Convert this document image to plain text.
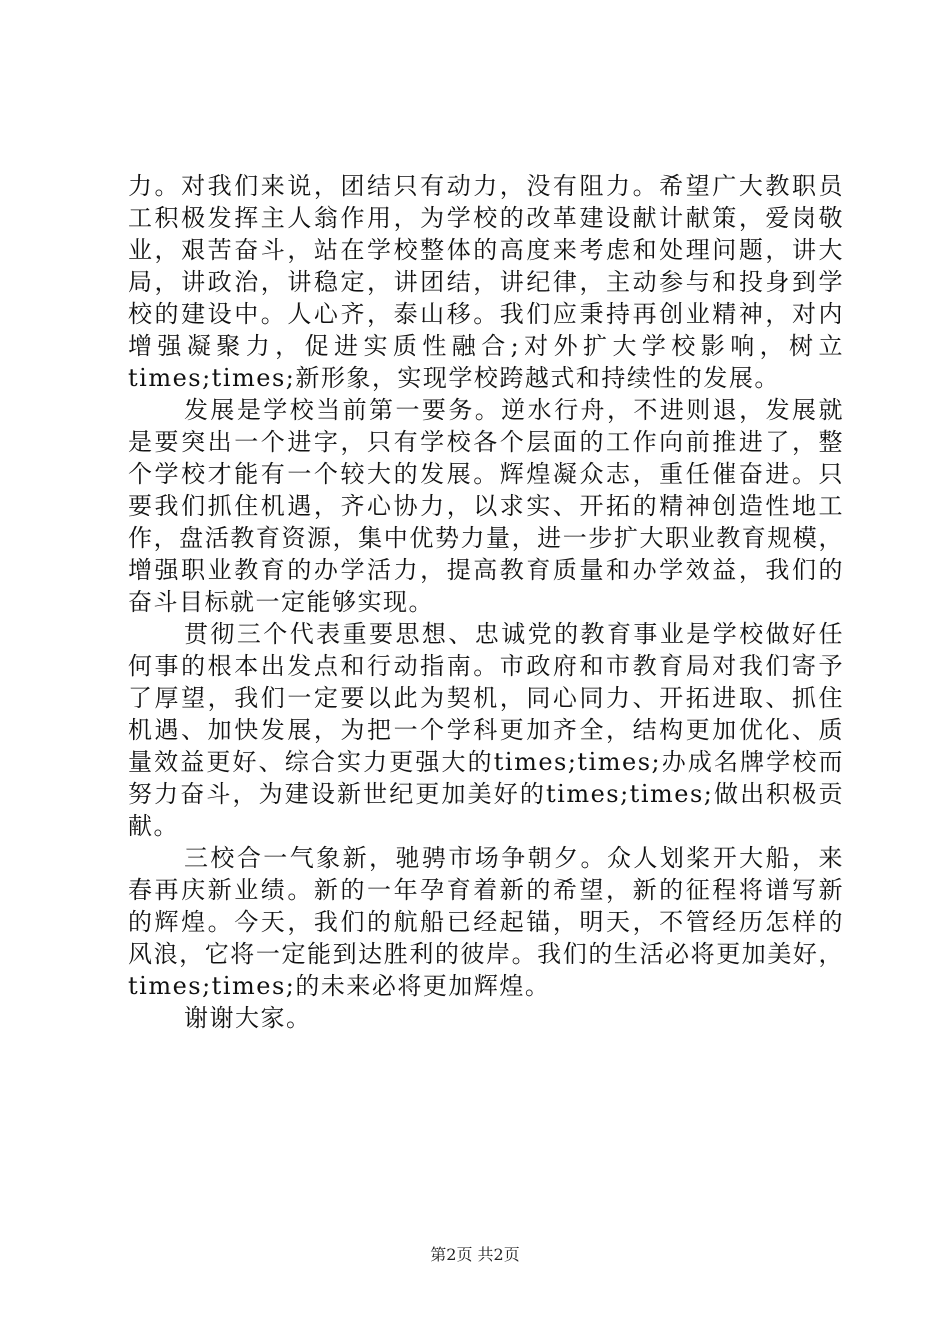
力。对我们来说，团结只有动力，没有阻力。希望广大教职员
工积极发挥主人翁作用，为学校的改革建设献计献策，爱岗敬
业，艰苦奋斗，站在学校整体的高度来考虑和处理问题，讲大
局，讲政治，讲稳定，讲团结，讲纪律，主动参与和投身到学
校的建设中。人心齐，泰山移。我们应秉持再创业精神，对内
增强凝聚力，促进实质性融合;对外扩大学校影响，树立
times;times;新形象，实现学校跨越式和持续性的发展。
发展是学校当前第一要务。逆水行舟，不进则退，发展就
是要突出一个进字，只有学校各个层面的工作向前推进了，整
个学校才能有一个较大的发展。辉煌凝众志，重任催奋进。只
要我们抓住机遇，齐心协力，以求实、开拓的精神创造性地工
作，盘活教育资源，集中优势力量，进一步扩大职业教育规模，
增强职业教育的办学活力，提高教育质量和办学效益，我们的
奋斗目标就一定能够实现。
贯彻三个代表重要思想、忠诚党的教育事业是学校做好任
何事的根本出发点和行动指南。市政府和市教育局对我们寄予
了厚望，我们一定要以此为契机，同心同力、开拓进取、抓住
机遇、加快发展，为把一个学科更加齐全，结构更加优化、质
量效益更好、综合实力更强大的times;times;办成名牌学校而
努力奋斗，为建设新世纪更加美好的times;times;做出积极贡
献。
三校合一气象新，驰骋市场争朝夕。众人划桨开大船，来
春再庆新业绩。新的一年孕育着新的希望，新的征程将谱写新
的辉煌。今天，我们的航船已经起锚，明天，不管经历怎样的
风浪，它将一定能到达胜利的彼岸。我们的生活必将更加美好，
times;times;的未来必将更加辉煌。
谢谢大家。
第2页 共2页
